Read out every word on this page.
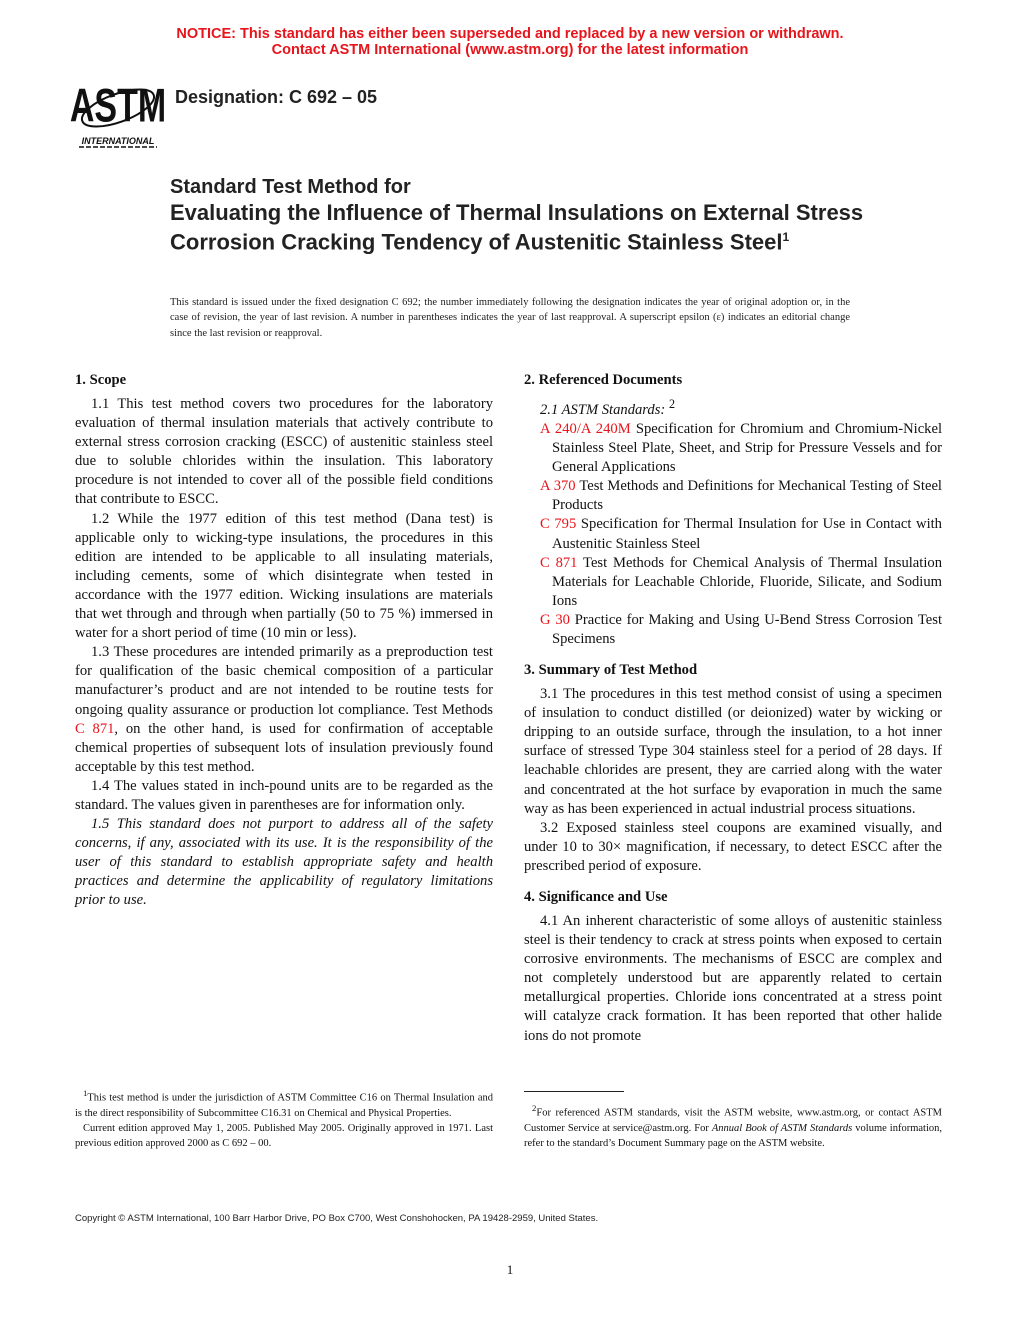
NOTICE: This standard has either been superseded and replaced by a new version or withdrawn.
Contact ASTM International (www.astm.org) for the latest information
ASTM
INTERNATIONAL
Designation: C 692 – 05
Standard Test Method for
Evaluating the Influence of Thermal Insulations on External Stress Corrosion Cracking Tendency of Austenitic Stainless Steel$^1$
This standard is issued under the fixed designation C 692; the number immediately following the designation indicates the year of original adoption or, in the case of revision, the year of last revision. A number in parentheses indicates the year of last reapproval. A superscript epsilon (ε) indicates an editorial change since the last revision or reapproval.
1. Scope

1.1 This test method covers two procedures for the laboratory evaluation of thermal insulation materials that actively contribute to external stress corrosion cracking (ESCC) of austenitic stainless steel due to soluble chlorides within the insulation. This laboratory procedure is not intended to cover all of the possible field conditions that contribute to ESCC.

1.2 While the 1977 edition of this test method (Dana test) is applicable only to wicking-type insulations, the procedures in this edition are intended to be applicable to all insulating materials, including cements, some of which disintegrate when tested in accordance with the 1977 edition. Wicking insulations are materials that wet through and through when partially (50 to 75 %) immersed in water for a short period of time (10 min or less).

1.3 These procedures are intended primarily as a preproduction test for qualification of the basic chemical composition of a particular manufacturer’s product and are not intended to be routine tests for ongoing quality assurance or production lot compliance. Test Methods C 871, on the other hand, is used for confirmation of acceptable chemical properties of subsequent lots of insulation previously found acceptable by this test method.

1.4 The values stated in inch-pound units are to be regarded as the standard. The values given in parentheses are for information only.

1.5 This standard does not purport to address all of the safety concerns, if any, associated with its use. It is the responsibility of the user of this standard to establish appropriate safety and health practices and determine the applicability of regulatory limitations prior to use.

2. Referenced Documents

2.1 ASTM Standards: $^2$

A 240/A 240M Specification for Chromium and Chromium-Nickel Stainless Steel Plate, Sheet, and Strip for Pressure Vessels and for General Applications
A 370 Test Methods and Definitions for Mechanical Testing of Steel Products
C 795 Specification for Thermal Insulation for Use in Contact with Austenitic Stainless Steel
C 871 Test Methods for Chemical Analysis of Thermal Insulation Materials for Leachable Chloride, Fluoride, Silicate, and Sodium Ions
G 30 Practice for Making and Using U-Bend Stress Corrosion Test Specimens
3. Summary of Test Method

3.1 The procedures in this test method consist of using a specimen of insulation to conduct distilled (or deionized) water by wicking or dripping to an outside surface, through the insulation, to a hot inner surface of stressed Type 304 stainless steel for a period of 28 days. If leachable chlorides are present, they are carried along with the water and concentrated at the hot surface by evaporation in much the same way as has been experienced in actual industrial process situations.

3.2 Exposed stainless steel coupons are examined visually, and under 10 to 30× magnification, if necessary, to detect ESCC after the prescribed period of exposure.

4. Significance and Use

4.1 An inherent characteristic of some alloys of austenitic stainless steel is their tendency to crack at stress points when exposed to certain corrosive environments. The mechanisms of ESCC are complex and not completely understood but are apparently related to certain metallurgical properties. Chloride ions concentrated at a stress point will catalyze crack formation. It has been reported that other halide ions do not promote

$^1$This test method is under the jurisdiction of ASTM Committee C16 on Thermal Insulation and is the direct responsibility of Subcommittee C16.31 on Chemical and Physical Properties.

Current edition approved May 1, 2005. Published May 2005. Originally approved in 1971. Last previous edition approved 2000 as C 692 – 00.

$^2$For referenced ASTM standards, visit the ASTM website, www.astm.org, or contact ASTM Customer Service at service@astm.org. For Annual Book of ASTM Standards volume information, refer to the standard’s Document Summary page on the ASTM website.

Copyright © ASTM International, 100 Barr Harbor Drive, PO Box C700, West Conshohocken, PA 19428-2959, United States.
1
